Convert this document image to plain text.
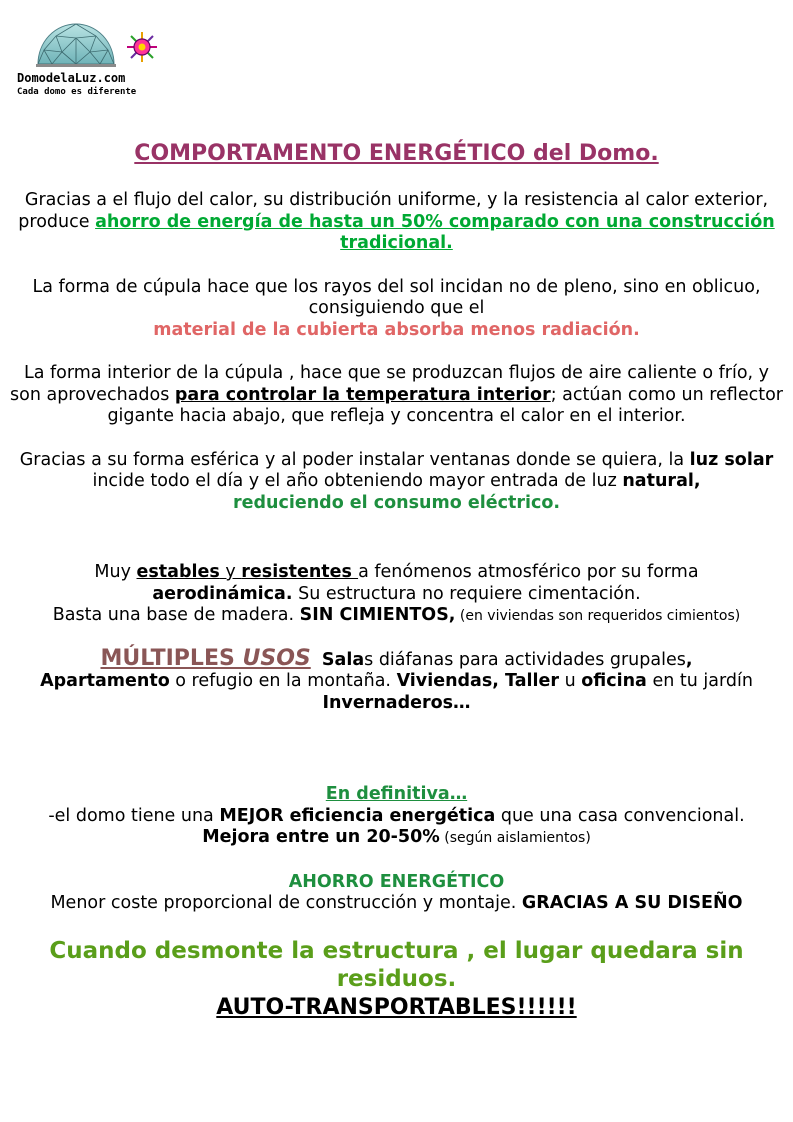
DomodelaLuz.com
Cada domo es diferente
COMPORTAMENTO ENERGÉTICO del Domo.

Gracias a el flujo del calor, su distribución uniforme, y la resistencia al calor exterior, produce ahorro de energía de hasta un 50% comparado con una construcción tradicional.

La forma de cúpula hace que los rayos del sol incidan no de pleno, sino en oblicuo, consiguiendo que el
material de la cubierta absorba menos radiación.

La forma interior de la cúpula , hace que se produzcan flujos de aire caliente o frío, y son aprovechados para controlar la temperatura interior; actúan como un reflector gigante hacia abajo, que refleja y concentra el calor en el interior.

Gracias a su forma esférica y al poder instalar ventanas donde se quiera, la luz solar incide todo el día y el año obteniendo mayor entrada de luz natural,
reduciendo el consumo eléctrico.

Muy estables y resistentes a fenómenos atmosférico por su forma
aerodinámica. Su estructura no requiere cimentación.
Basta una base de madera. SIN CIMIENTOS, (en viviendas son requeridos cimientos)

MÚLTIPLES USOS Salas diáfanas para actividades grupales,
Apartamento o refugio en la montaña. Viviendas, Taller u oficina en tu jardín
Invernaderos…

En definitiva…
-el domo tiene una MEJOR eficiencia energética que una casa convencional.
Mejora entre un 20-50% (según aislamientos)

AHORRO ENERGÉTICO
Menor coste proporcional de construcción y montaje. GRACIAS A SU DISEÑO

Cuando desmonte la estructura , el lugar quedara sin residuos.
AUTO-TRANSPORTABLES!!!!!!
